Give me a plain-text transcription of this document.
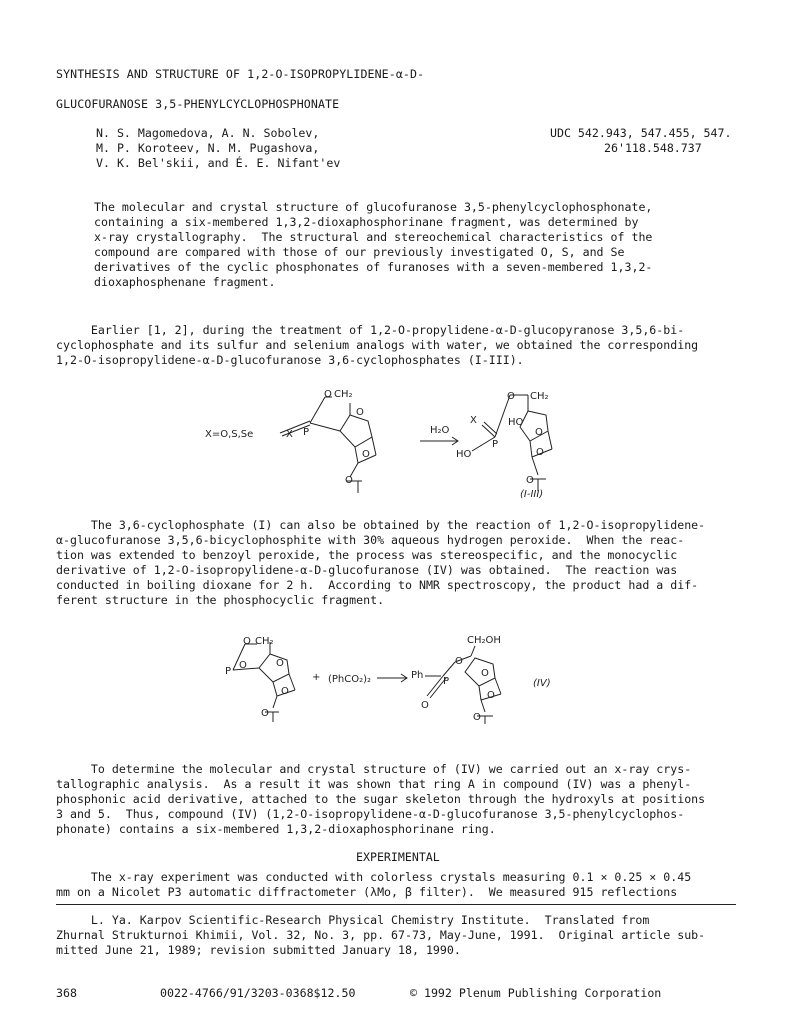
SYNTHESIS AND STRUCTURE OF 1,2-O-ISOPROPYLIDENE-α-D-
GLUCOFURANOSE 3,5-PHENYLCYCLOPHOSPHONATE
N. S. Magomedova, A. N. Sobolev,
M. P. Koroteev, N. M. Pugashova,
V. K. Bel'skii, and É. E. Nifant'ev
UDC 542.943, 547.455, 547.
26'118.548.737
The molecular and crystal structure of glucofuranose 3,5-phenylcyclophosphonate,
containing a six-membered 1,3,2-dioxaphosphorinane fragment, was determined by
x-ray crystallography.  The structural and stereochemical characteristics of the
compound are compared with those of our previously investigated O, S, and Se
derivatives of the cyclic phosphonates of furanoses with a seven-membered 1,3,2-
dioxaphosphenane fragment.
Earlier [1, 2], during the treatment of 1,2-O-propylidene-α-D-glucopyranose 3,5,6-bi-
cyclophosphate and its sulfur and selenium analogs with water, we obtained the corresponding
1,2-O-isopropylidene-α-D-glucofuranose 3,6-cyclophosphates (I-III).
X=O,S,Se	X P
O CH₂
O
O
O
H₂O
X
P
HO
O CH₂
HO
O
O
O
(I-III)
The 3,6-cyclophosphate (I) can also be obtained by the reaction of 1,2-O-isopropylidene-
α-glucofuranose 3,5,6-bicyclophosphite with 30% aqueous hydrogen peroxide.  When the reac-
tion was extended to benzoyl peroxide, the process was stereospecific, and the monocyclic
derivative of 1,2-O-isopropylidene-α-D-glucofuranose (IV) was obtained.  The reaction was
conducted in boiling dioxane for 2 h.  According to NMR spectroscopy, the product had a dif-
ferent structure in the phosphocyclic fragment.
P
O CH₂
O	O
O
O
+ (PhCO₂)₂	Ph
P
O
O
CH₂OH
O
O
O
(IV)
To determine the molecular and crystal structure of (IV) we carried out an x-ray crys-
tallographic analysis.  As a result it was shown that ring A in compound (IV) was a phenyl-
phosphonic acid derivative, attached to the sugar skeleton through the hydroxyls at positions
3 and 5.  Thus, compound (IV) (1,2-O-isopropylidene-α-D-glucofuranose 3,5-phenylcyclophos-
phonate) contains a six-membered 1,3,2-dioxaphosphorinane ring.
EXPERIMENTAL
The x-ray experiment was conducted with colorless crystals measuring 0.1 × 0.25 × 0.45
mm on a Nicolet P3 automatic diffractometer (λMo, β filter).  We measured 915 reflections
L. Ya. Karpov Scientific-Research Physical Chemistry Institute.  Translated from
Zhurnal Strukturnoi Khimii, Vol. 32, No. 3, pp. 67-73, May-June, 1991.  Original article sub-
mitted June 21, 1989; revision submitted January 18, 1990.
368	0022-4766/91/3203-0368$12.50	© 1992 Plenum Publishing Corporation
